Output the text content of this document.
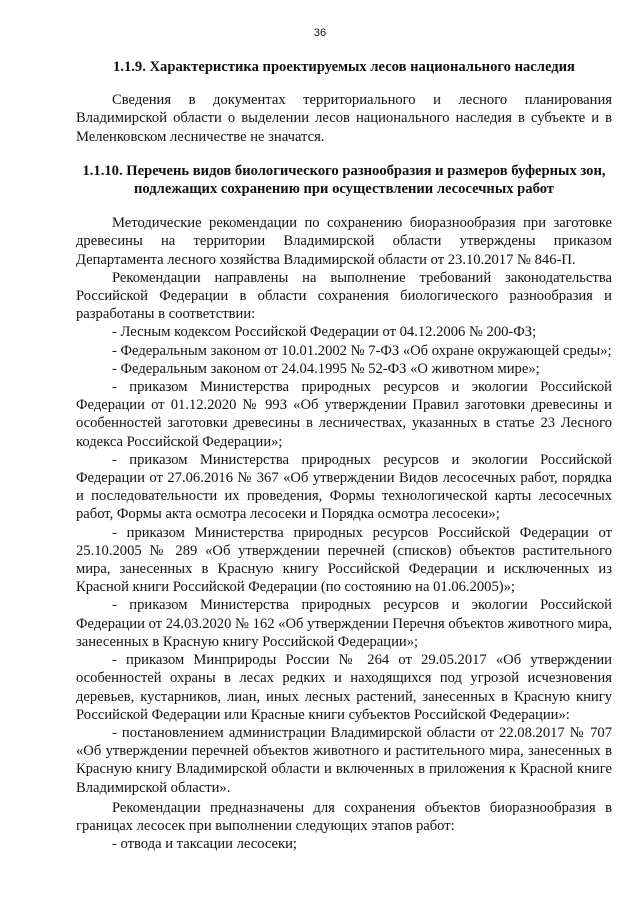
36

1.1.9. Характеристика проектируемых лесов национального наследия

Сведения в документах территориального и лесного планирования Владимирской области о выделении лесов национального наследия в субъекте и в Меленковском лесничестве не значатся.

1.1.10. Перечень видов биологического разнообразия и размеров буферных зон, подлежащих сохранению при осуществлении лесосечных работ

Методические рекомендации по сохранению биоразнообразия при заготовке древесины на территории Владимирской области утверждены приказом Департамента лесного хозяйства Владимирской области от 23.10.2017 № 846-П.

Рекомендации направлены на выполнение требований законодательства Российской Федерации в области сохранения биологического разнообразия и разработаны в соответствии:

- Лесным кодексом Российской Федерации от 04.12.2006 № 200-ФЗ;

- Федеральным законом от 10.01.2002 № 7-ФЗ «Об охране окружающей среды»;

- Федеральным законом от 24.04.1995 № 52-ФЗ «О животном мире»;

- приказом Министерства природных ресурсов и экологии Российской Федерации от 01.12.2020 № 993 «Об утверждении Правил заготовки древесины и особенностей заготовки древесины в лесничествах, указанных в статье 23 Лесного кодекса Российской Федерации»;

- приказом Министерства природных ресурсов и экологии Российской Федерации от 27.06.2016 № 367 «Об утверждении Видов лесосечных работ, порядка и последовательности их проведения, Формы технологической карты лесосечных работ, Формы акта осмотра лесосеки и Порядка осмотра лесосеки»;

- приказом Министерства природных ресурсов Российской Федерации от 25.10.2005 № 289 «Об утверждении перечней (списков) объектов растительного мира, занесенных в Красную книгу Российской Федерации и исключенных из Красной книги Российской Федерации (по состоянию на 01.06.2005)»;

- приказом Министерства природных ресурсов и экологии Российской Федерации от 24.03.2020 № 162 «Об утверждении Перечня объектов животного мира, занесенных в Красную книгу Российской Федерации»;

- приказом Минприроды России № 264 от 29.05.2017 «Об утверждении особенностей охраны в лесах редких и находящихся под угрозой исчезновения деревьев, кустарников, лиан, иных лесных растений, занесенных в Красную книгу Российской Федерации или Красные книги субъектов Российской Федерации»:

- постановлением администрации Владимирской области от 22.08.2017 № 707 «Об утверждении перечней объектов животного и растительного мира, занесенных в Красную книгу Владимирской области и включенных в приложения к Красной книге Владимирской области».

Рекомендации предназначены для сохранения объектов биоразнообразия в границах лесосек при выполнении следующих этапов работ:

- отвода и таксации лесосеки;
